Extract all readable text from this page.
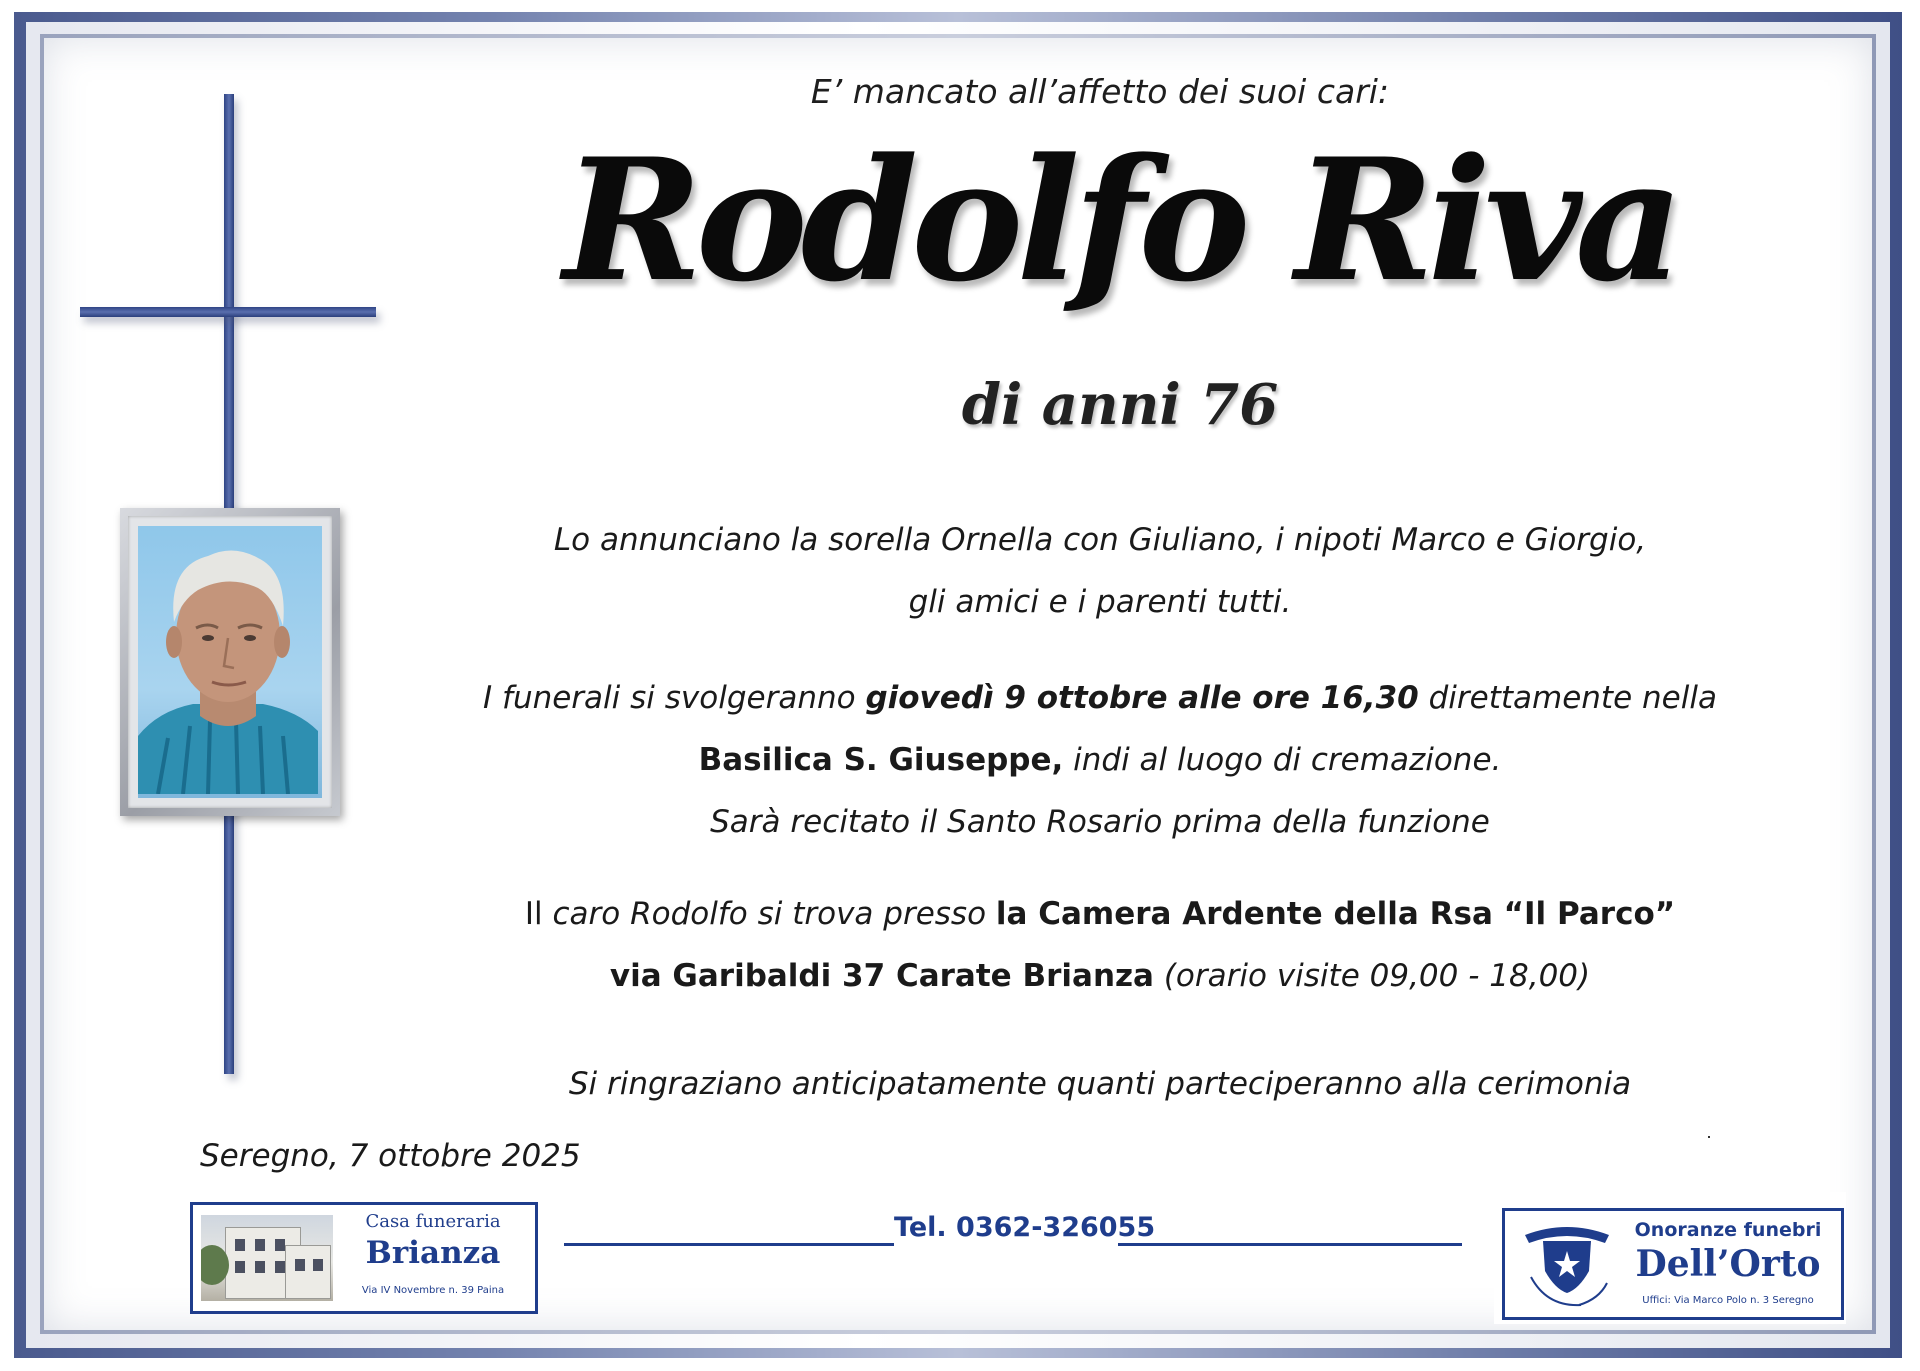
E’ mancato all’affetto dei suoi cari:
Rodolfo Riva
di anni 76
Lo annunciano la sorella Ornella con Giuliano, i nipoti Marco e Giorgio,
gli amici e i parenti tutti.
I funerali si svolgeranno giovedì 9 ottobre alle ore 16,30 direttamente nella
Basilica S. Giuseppe, indi al luogo di cremazione.
Sarà recitato il Santo Rosario prima della funzione
Il caro Rodolfo si trova presso la Camera Ardente della Rsa “Il Parco”
via Garibaldi 37 Carate Brianza (orario visite 09,00 - 18,00)
Si ringraziano anticipatamente quanti parteciperanno alla cerimonia
Seregno, 7 ottobre 2025
Tel. 0362-326055
Casa funeraria
Brianza
Via IV Novembre n. 39 Paina
Onoranze funebri
Dell’Orto
Uffici: Via Marco Polo n. 3 Seregno
